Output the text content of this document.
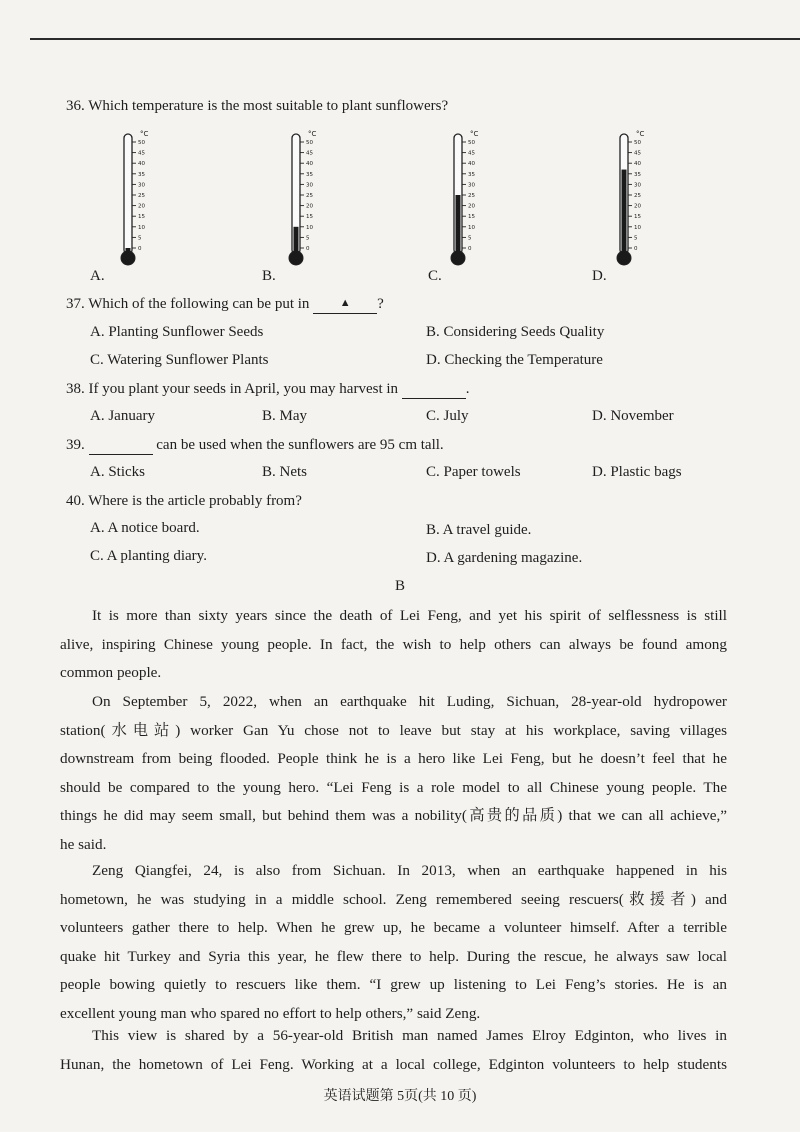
36. Which temperature is the most suitable to plant sunflowers?
50
45
40
35
30
25
20
15
10
5
0
°C
50
45
40
35
30
25
20
15
10
5
0
°C
50
45
40
35
30
25
20
15
10
5
0
°C
50
45
40
35
30
25
20
15
10
5
0
°C
A.	B.	C.	D.
37. Which of the following can be put in	▲ ?
A. Planting Sunflower Seeds	B. Considering Seeds Quality
C. Watering Sunflower Plants	D. Checking the Temperature
38. If you plant your seeds in April, you may harvest in	.
A. January	B. May	C. July	D. November
39.	can be used when the sunflowers are 95 cm tall.
A. Sticks	B. Nets	C. Paper towels	D. Plastic bags
40. Where is the article probably from?
A. A notice board.	B. A travel guide.
C. A planting diary.	D. A gardening magazine.
B
It is more than sixty years since the death of Lei Feng, and yet his spirit of selflessness is still
alive, inspiring Chinese young people. In fact, the wish to help others can always be found among
common people.
On September 5, 2022, when an earthquake hit Luding, Sichuan, 28-year-old hydropower
station(水电站) worker Gan Yu chose not to leave but stay at his workplace, saving villages
downstream from being flooded. People think he is a hero like Lei Feng, but he doesn’t feel that he
should be compared to the young hero. “Lei Feng is a role model to all Chinese young people. The
things he did may seem small, but behind them was a nobility(高贵的品质) that we can all achieve,”
he said.
Zeng Qiangfei, 24, is also from Sichuan. In 2013, when an earthquake happened in his
hometown, he was studying in a middle school. Zeng remembered seeing rescuers(救援者) and
volunteers gather there to help. When he grew up, he became a volunteer himself. After a terrible
quake hit Turkey and Syria this year, he flew there to help. During the rescue, he always saw local
people bowing quietly to rescuers like them. “I grew up listening to Lei Feng’s stories. He is an
excellent young man who spared no effort to help others,” said Zeng.
This view is shared by a 56-year-old British man named James Elroy Edginton, who lives in
Hunan, the hometown of Lei Feng. Working at a local college, Edginton volunteers to help students
英语试题第 5页(共 10 页)
